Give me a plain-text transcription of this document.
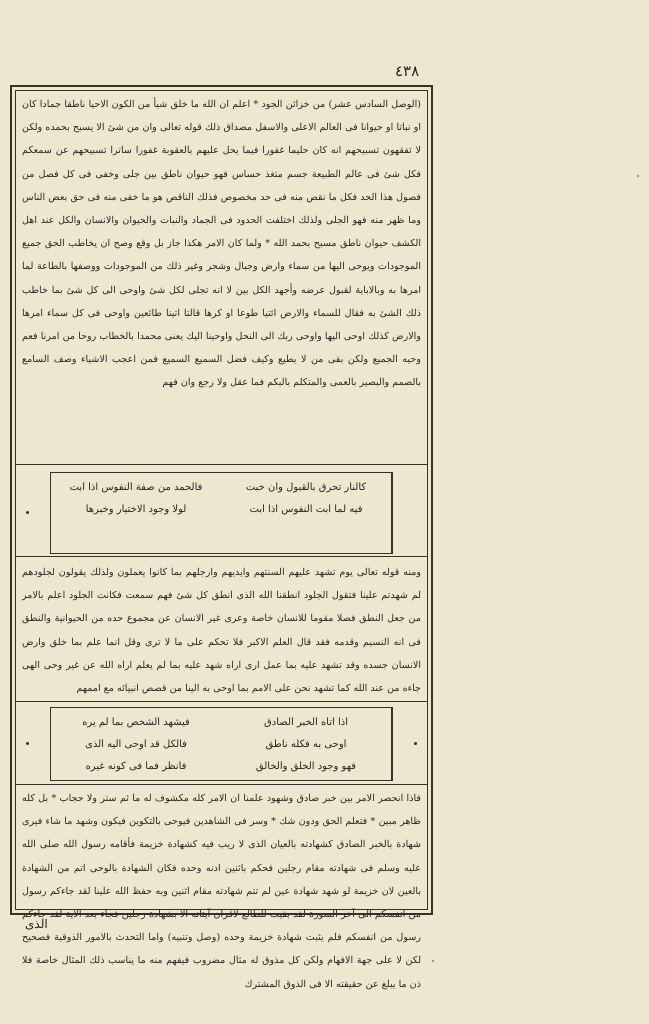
٤٣٨

(الوصل السادس عشر) من خزائن الجود * اعلم ان الله ما خلق شيأ من الكون الاحيا ناطقا جمادا كان او نباتا او حيوانا فى العالم الاعلى والاسفل مصداق ذلك قوله تعالى وان من شئ الا يسبح بحمده ولكن لا تفقهون تسبيحهم انه كان حليما غفورا فيما يحل عليهم بالعقوبة غفورا ساترا تسبيحهم عن سمعكم فكل شئ فى عالم الطبيعة جسم متغذ حساس فهو حيوان ناطق بين جلى وخفى فى كل فصل من فصول هذا الحد فكل ما نقص منه فى حد مخصوص فذلك الناقص هو ما خفى منه فى حق بعض الناس وما ظهر منه فهو الجلى ولذلك اختلفت الحدود فى الجماد والنبات والحيوان والانسان والكل عند اهل الكشف حيوان ناطق مسبح بحمد الله * ولما كان الامر هكذا جاز بل وقع وصح ان يخاطب الحق جميع الموجودات ويوحى اليها من سماء وارض وجبال وشجر وغير ذلك من الموجودات ووصفها بالطاعة لما امرها به وبالاباية لقبول عرضه وأجهد الكل بين لا انه تجلى لكل شئ واوحى الى كل شئ بما خاطب ذلك الشئ به فقال للسماء والارض ائتيا طوعا او كرها قالتا اتينا طائعين واوحى فى كل سماء امرها والارض كذلك اوحى اليها واوحى ربك الى النحل واوحينا اليك يعنى محمدا بالخطاب روحا من امرنا فعم وحيه الجميع ولكن بقى من لا يطيع وكيف فضل السميع السميع فمن اعجب الاشياء وصف السامع بالصمم والبصير بالعمى والمتكلم بالبكم فما عقل ولا رجع وان فهم

فالحمد من صفة النفوس اذا ابت
لولا وجود الاختيار وخبرها
كالنار تحرق بالقبول وان خبت
فيه لما ابت النفوس اذا ابت

ومنه قوله تعالى يوم تشهد عليهم السنتهم وايديهم وارجلهم بما كانوا يعملون ولذلك يقولون لجلودهم لم شهدتم علينا فتقول الجلود انطقنا الله الذى انطق كل شئ فهم سمعت فكانت الجلود اعلم بالامر من جعل النطق فصلا مقوما للانسان خاصة وعرى غير الانسان عن مجموع حده من الحيوانية والنطق فى انه النسيم وقدمه فقد قال العلم الاكبر فلا تحكم على ما لا ترى وقل انما علم بما خلق وارض الانسان جسده وقد تشهد عليه بما عمل ارى اراه شهد عليه بما لم يعلم اراه الله عن غير وحى الهى جاءه من عند الله كما تشهد نحن على الامم بما اوحى به الينا من قصص انبيائه مع اممهم

فيشهد الشخص بما لم يره
فالكل قد اوحى اليه الذى
فانظر فما فى كونه غيره
اذا اتاه الخبر الصادق
اوحى به فكله ناطق
فهو وجود الخلق والخالق

فاذا انحصر الامر بين خبر صادق وشهود علمنا ان الامر كله مكشوف له ما ثم ستر ولا حجاب * بل كله ظاهر مبين * فتعلم الحق ودون شك * وسر فى الشاهدين فيوحى بالتكوين فيكون وشهد ما شاء فيرى شهادة بالخبر الصادق كشهادته بالعيان الذى لا ريب فيه كشهادة خزيمة فأقامه رسول الله صلى الله عليه وسلم فى شهادته مقام رجلين فحكم باثنين ادنه وحده فكان الشهادة بالوحى اتم من الشهادة بالعين لان خزيمة لو شهد شهادة عين لم تتم شهادته مقام اثنين وبه حفظ الله علينا لقد جاءكم رسول من انفسكم الى آخر السورة لقد بقيت للطالع لاقران آيتانه الا بشهادة رجلين فجاء بعد الاية لقد جاءكم رسول من انفسكم فلم يثبت شهادة خزيمة وحده (وصل وتنبيه) واما التحدث بالامور الذوقية فصحيح لكن لا على جهة الافهام ولكن كل مذوق له مثال مضروب فيفهم منه ما يناسب ذلك المثال خاصة فلا ذن ما يبلغ عن حقيقته الا فى الذوق المشترك

الذى
